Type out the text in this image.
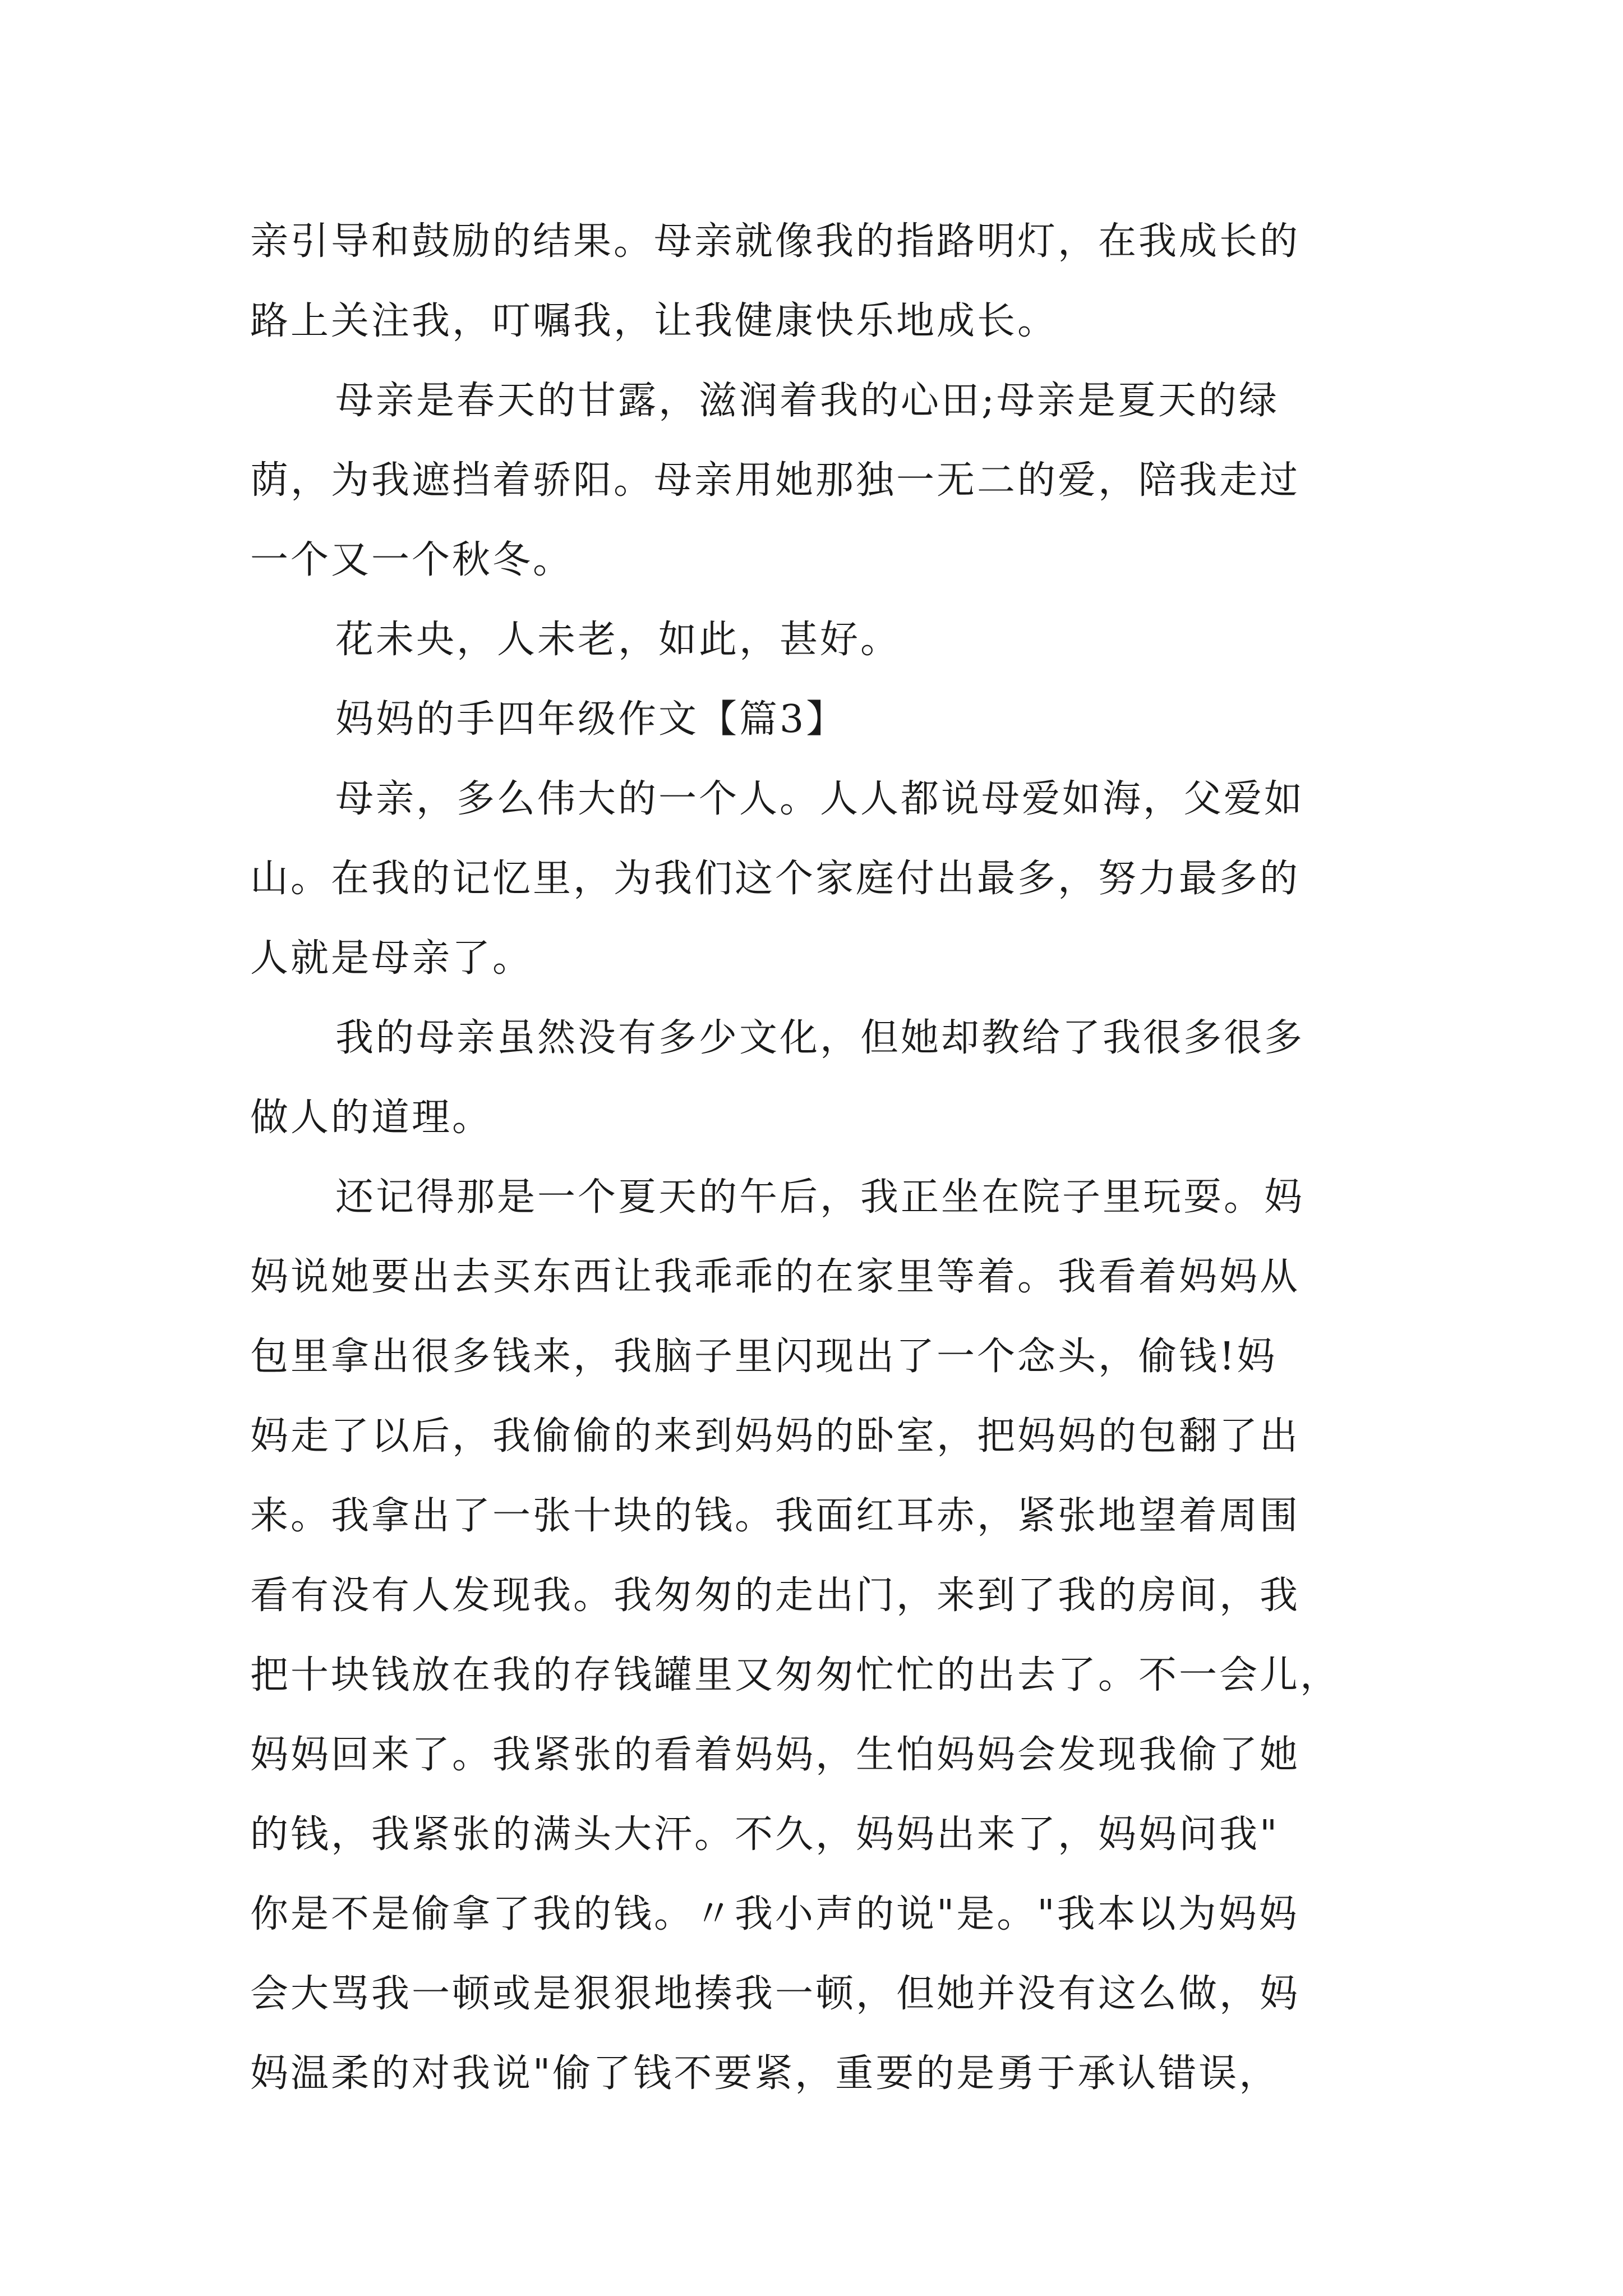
亲引导和鼓励的结果。母亲就像我的指路明灯，在我成长的
路上关注我，叮嘱我，让我健康快乐地成长。
母亲是春天的甘露，滋润着我的心田;母亲是夏天的绿
荫，为我遮挡着骄阳。母亲用她那独一无二的爱，陪我走过
一个又一个秋冬。
花未央，人未老，如此，甚好。
妈妈的手四年级作文【篇3】
母亲，多么伟大的一个人。人人都说母爱如海，父爱如
山。在我的记忆里，为我们这个家庭付出最多，努力最多的
人就是母亲了。
我的母亲虽然没有多少文化，但她却教给了我很多很多
做人的道理。
还记得那是一个夏天的午后，我正坐在院子里玩耍。妈
妈说她要出去买东西让我乖乖的在家里等着。我看着妈妈从
包里拿出很多钱来，我脑子里闪现出了一个念头，偷钱!妈
妈走了以后，我偷偷的来到妈妈的卧室，把妈妈的包翻了出
来。我拿出了一张十块的钱。我面红耳赤，紧张地望着周围
看有没有人发现我。我匆匆的走出门，来到了我的房间，我
把十块钱放在我的存钱罐里又匆匆忙忙的出去了。不一会儿，
妈妈回来了。我紧张的看着妈妈，生怕妈妈会发现我偷了她
的钱，我紧张的满头大汗。不久，妈妈出来了，妈妈问我"
你是不是偷拿了我的钱。〃我小声的说"是。"我本以为妈妈
会大骂我一顿或是狠狠地揍我一顿，但她并没有这么做，妈
妈温柔的对我说"偷了钱不要紧，重要的是勇于承认错误，
